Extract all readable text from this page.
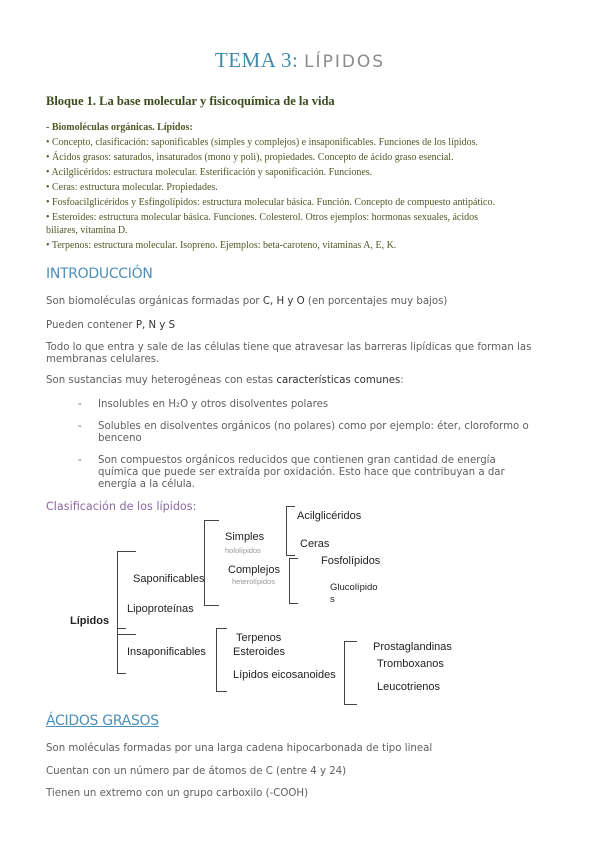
TEMA 3: LÍPIDOS
Bloque 1. La base molecular y fisicoquímica de la vida
- Biomoléculas orgánicas. Lípidos:
• Concepto, clasificación: saponificables (simples y complejos) e insaponificables. Funciones de los lípidos.
• Ácidos grasos: saturados, insaturados (mono y poli), propiedades. Concepto de ácido graso esencial.
• Acilglicéridos: estructura molecular. Esterificación y saponificación. Funciones.
• Ceras: estructura molecular. Propiedades.
• Fosfoacilglicéridos y Esfingolípidos: estructura molecular básica. Función. Concepto de compuesto antipático.
• Esteroides: estructura molecular básica. Funciones. Colesterol. Otros ejemplos: hormonas sexuales, ácidos
biliares, vitamina D.
• Terpenos: estructura molecular. Isopreno. Ejemplos: beta-caroteno, vitaminas A, E, K.
INTRODUCCIÓN
Son biomoléculas orgánicas formadas por C, H y O (en porcentajes muy bajos)
Pueden contener P, N y S
Todo lo que entra y sale de las células tiene que atravesar las barreras lipídicas que forman las
membranas celulares.
Son sustancias muy heterogéneas con estas características comunes:
- Insolubles en H₂O y otros disolventes polares
- Solubles en disolventes orgánicos (no polares) como por ejemplo: éter, cloroformo o benceno
- Son compuestos orgánicos reducidos que contienen gran cantidad de energía química que puede ser extraída por oxidación. Esto hace que contribuyan a dar energía a la célula.
Clasificación de los lípidos:
Lípidos
Saponificables
Lipoproteínas
Insaponificables
Simples
hololípidos
Complejos
heterolípidos
Acilglicéridos
Ceras
Fosfolípidos
Glucolípido
s
Terpenos
Esteroides
Lípidos eicosanoides
Prostaglandinas
Tromboxanos
Leucotrienos
ÁCIDOS GRASOS
Son moléculas formadas por una larga cadena hipocarbonada de tipo lineal
Cuentan con un número par de átomos de C (entre 4 y 24)
Tienen un extremo con un grupo carboxilo (-COOH)
